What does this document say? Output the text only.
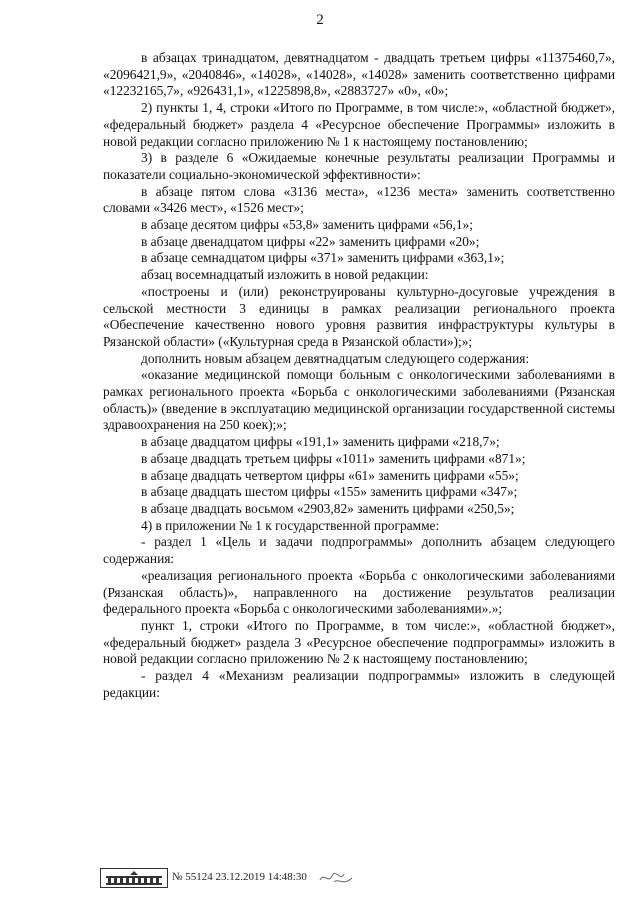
2

в абзацах тринадцатом, девятнадцатом - двадцать третьем цифры «11375460,7», «2096421,9», «2040846», «14028», «14028», «14028» заменить соответственно цифрами «12232165,7», «926431,1», «1225898,8», «2883727» «0», «0»;

2) пункты 1, 4, строки «Итого по Программе, в том числе:», «областной бюджет», «федеральный бюджет» раздела 4 «Ресурсное обеспечение Программы» изложить в новой редакции согласно приложению № 1 к настоящему постановлению;

3) в разделе 6 «Ожидаемые конечные результаты реализации Программы и показатели социально-экономической эффективности»:

в абзаце пятом слова «3136 места», «1236 места» заменить соответственно словами «3426 мест», «1526 мест»;

в абзаце десятом цифры «53,8» заменить цифрами «56,1»;

в абзаце двенадцатом цифры «22» заменить цифрами «20»;

в абзаце семнадцатом цифры «371» заменить цифрами «363,1»;

абзац восемнадцатый изложить в новой редакции:

«построены и (или) реконструированы культурно-досуговые учреждения в сельской местности 3 единицы в рамках реализации регионального проекта «Обеспечение качественно нового уровня развития инфраструктуры культуры в Рязанской области» («Культурная среда в Рязанской области»);»;

дополнить новым абзацем девятнадцатым следующего содержания:

«оказание медицинской помощи больным с онкологическими заболеваниями в рамках регионального проекта «Борьба с онкологическими заболеваниями (Рязанская область)» (введение в эксплуатацию медицинской организации государственной системы здравоохранения на 250 коек);»;

в абзаце двадцатом цифры «191,1» заменить цифрами «218,7»;

в абзаце двадцать третьем цифры «1011» заменить цифрами «871»;

в абзаце двадцать четвертом цифры «61» заменить цифрами «55»;

в абзаце двадцать шестом цифры «155» заменить цифрами «347»;

в абзаце двадцать восьмом «2903,82» заменить цифрами «250,5»;

4) в приложении № 1 к государственной программе:

- раздел 1 «Цель и задачи подпрограммы» дополнить абзацем следующего содержания:

«реализация регионального проекта «Борьба с онкологическими заболеваниями (Рязанская область)», направленного на достижение результатов реализации федерального проекта «Борьба с онкологическими заболеваниями».»;

пункт 1, строки «Итого по Программе, в том числе:», «областной бюджет», «федеральный бюджет» раздела 3 «Ресурсное обеспечение подпрограммы» изложить в новой редакции согласно приложению № 2 к настоящему постановлению;

- раздел 4 «Механизм реализации подпрограммы» изложить в следующей редакции:

№ 55124 23.12.2019 14:48:30
